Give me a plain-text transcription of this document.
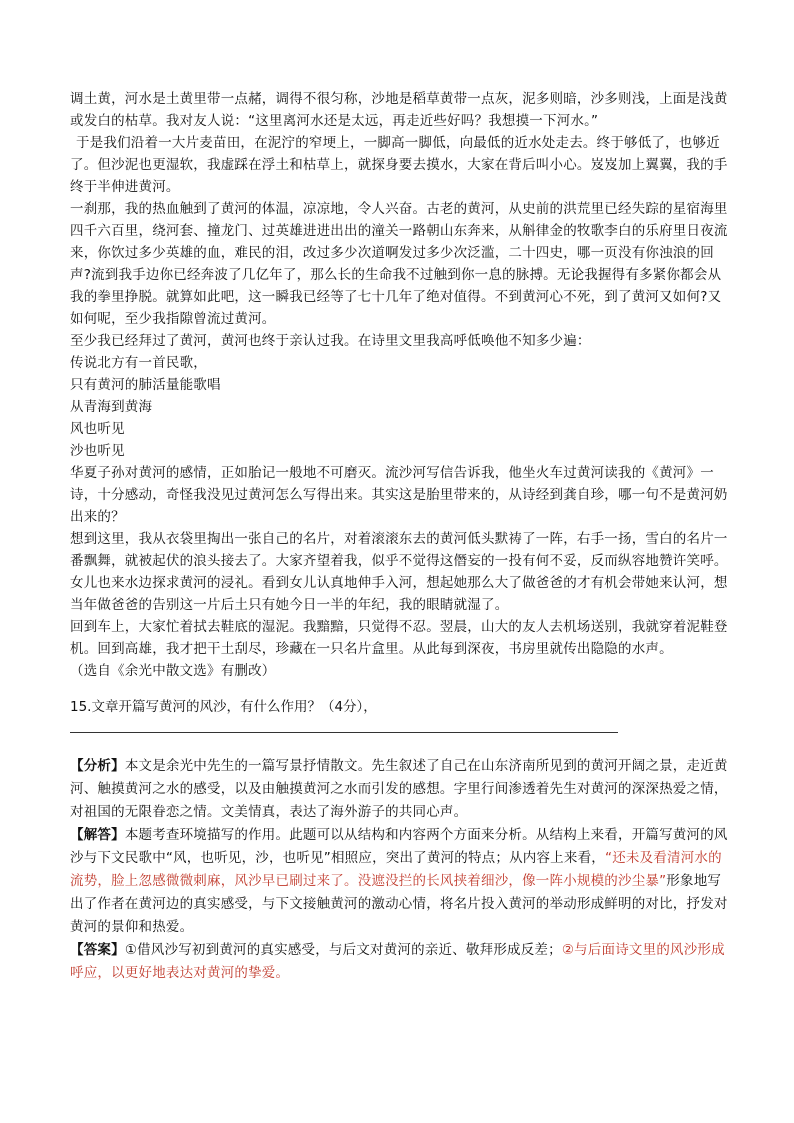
调土黄，河水是土黄里带一点赭，调得不很匀称，沙地是稻草黄带一点灰，泥多则暗，沙多则浅，上面是浅黄或发白的枯草。我对友人说：“这里离河水还是太远，再走近些好吗？我想摸一下河水。”

于是我们沿着一大片麦苗田，在泥泞的窄埂上，一脚高一脚低，向最低的近水处走去。终于够低了，也够近了。但沙泥也更湿软，我虚踩在浮土和枯草上，就探身要去摸水，大家在背后叫小心。岌岌加上翼翼，我的手终于半伸进黄河。

一刹那，我的热血触到了黄河的体温，凉凉地，令人兴奋。古老的黄河，从史前的洪荒里已经失踪的星宿海里四千六百里，绕河套、撞龙门、过英雄进进出出的潼关一路朝山东奔来，从斛律金的牧歌李白的乐府里日夜流来，你饮过多少英雄的血，难民的泪，改过多少次道啊发过多少次泛滥，二十四史，哪一页没有你浊浪的回声?流到我手边你已经奔波了几亿年了，那么长的生命我不过触到你一息的脉搏。无论我握得有多紧你都会从我的拳里挣脱。就算如此吧，这一瞬我已经等了七十几年了绝对值得。不到黄河心不死，到了黄河又如何?又如何呢，至少我指隙曾流过黄河。

至少我已经拜过了黄河，黄河也终于亲认过我。在诗里文里我高呼低唤他不知多少遍：

传说北方有一首民歌，

只有黄河的肺活量能歌唱

从青海到黄海

风也听见

沙也听见

华夏子孙对黄河的感情，正如胎记一般地不可磨灭。流沙河写信告诉我，他坐火车过黄河读我的《黄河》一诗，十分感动，奇怪我没见过黄河怎么写得出来。其实这是胎里带来的，从诗经到龚自珍，哪一句不是黄河奶出来的？

想到这里，我从衣袋里掏出一张自己的名片，对着滚滚东去的黄河低头默祷了一阵，右手一扬，雪白的名片一番飘舞，就被起伏的浪头接去了。大家齐望着我，似乎不觉得这僭妄的一投有何不妥，反而纵容地赞许笑呼。女儿也来水边探求黄河的浸礼。看到女儿认真地伸手入河，想起她那么大了做爸爸的才有机会带她来认河，想当年做爸爸的告别这一片后土只有她今日一半的年纪，我的眼睛就湿了。

回到车上，大家忙着拭去鞋底的湿泥。我黯黯，只觉得不忍。翌晨，山大的友人去机场送别，我就穿着泥鞋登机。回到高雄，我才把干土刮尽，珍藏在一只名片盒里。从此每到深夜，书房里就传出隐隐的水声。

（选自《余光中散文选》有删改）

15.文章开篇写黄河的风沙，有什么作用？（4分），

【分析】本文是余光中先生的一篇写景抒情散文。先生叙述了自己在山东济南所见到的黄河开阔之景，走近黄河、触摸黄河之水的感受，以及由触摸黄河之水而引发的感想。字里行间渗透着先生对黄河的深深热爱之情，对祖国的无限眷恋之情。文美情真，表达了海外游子的共同心声。

【解答】本题考查环境描写的作用。此题可以从结构和内容两个方面来分析。从结构上来看，开篇写黄河的风沙与下文民歌中“风，也听见，沙，也听见”相照应，突出了黄河的特点；从内容上来看，“还未及看清河水的流势，脸上忽感微微刺麻，风沙早已刷过来了。没遮没拦的长风挟着细沙，像一阵小规模的沙尘暴”形象地写出了作者在黄河边的真实感受，与下文接触黄河的激动心情，将名片投入黄河的举动形成鲜明的对比，抒发对黄河的景仰和热爱。

【答案】①借风沙写初到黄河的真实感受，与后文对黄河的亲近、敬拜形成反差；②与后面诗文里的风沙形成呼应，以更好地表达对黄河的挚爱。
